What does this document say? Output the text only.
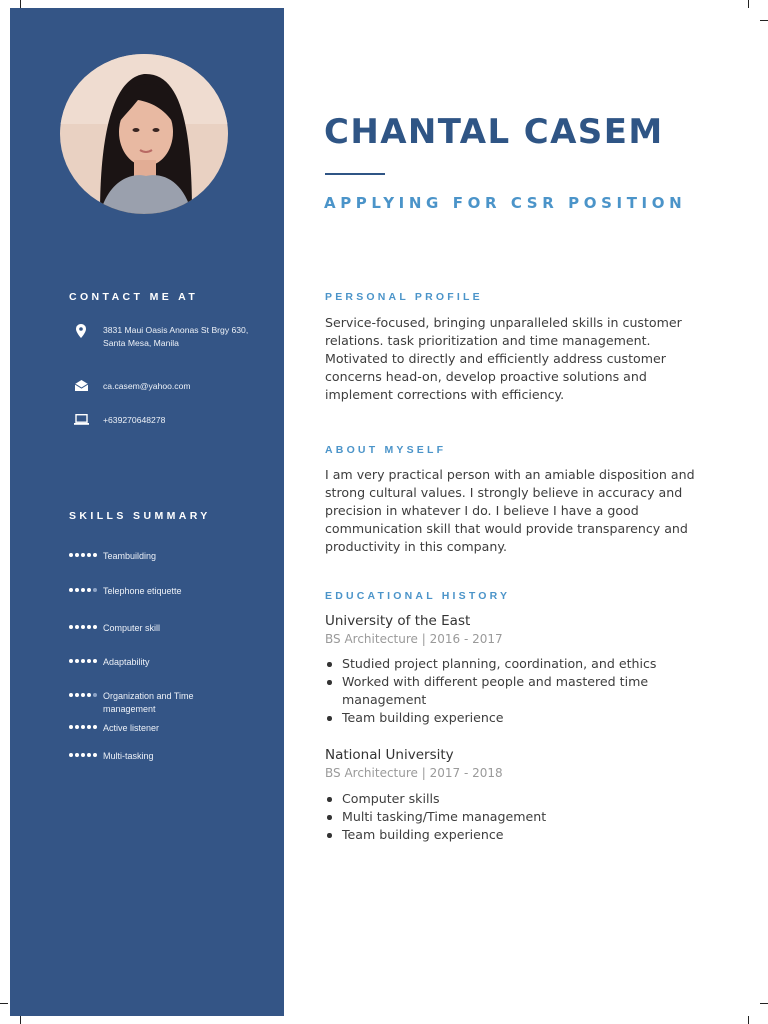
CONTACT ME AT
3831 Maui Oasis Anonas St Brgy 630, Santa Mesa, Manila
ca.casem@yahoo.com
+639270648278
SKILLS SUMMARY
Teambuilding
Telephone etiquette
Computer skill
Adaptability
Organization and Time management
Active listener
Multi-tasking
CHANTAL CASEM
APPLYING FOR CSR POSITION
PERSONAL PROFILE

Service-focused, bringing unparalleled skills in customer relations. task prioritization and time management. Motivated to directly and efficiently address customer concerns head-on, develop proactive solutions and implement corrections with efficiency.

ABOUT MYSELF

I am very practical person with an amiable disposition and strong cultural values. I strongly believe in accuracy and precision in whatever I do. I believe I have a good communication skill that would provide transparency and productivity in this company.

EDUCATIONAL HISTORY

University of the East

BS Architecture | 2016 - 2017

Studied project planning, coordination, and ethics
Worked with different people and mastered time management
Team building experience

National University

BS Architecture | 2017 - 2018

Computer skills
Multi tasking/Time management
Team building experience
